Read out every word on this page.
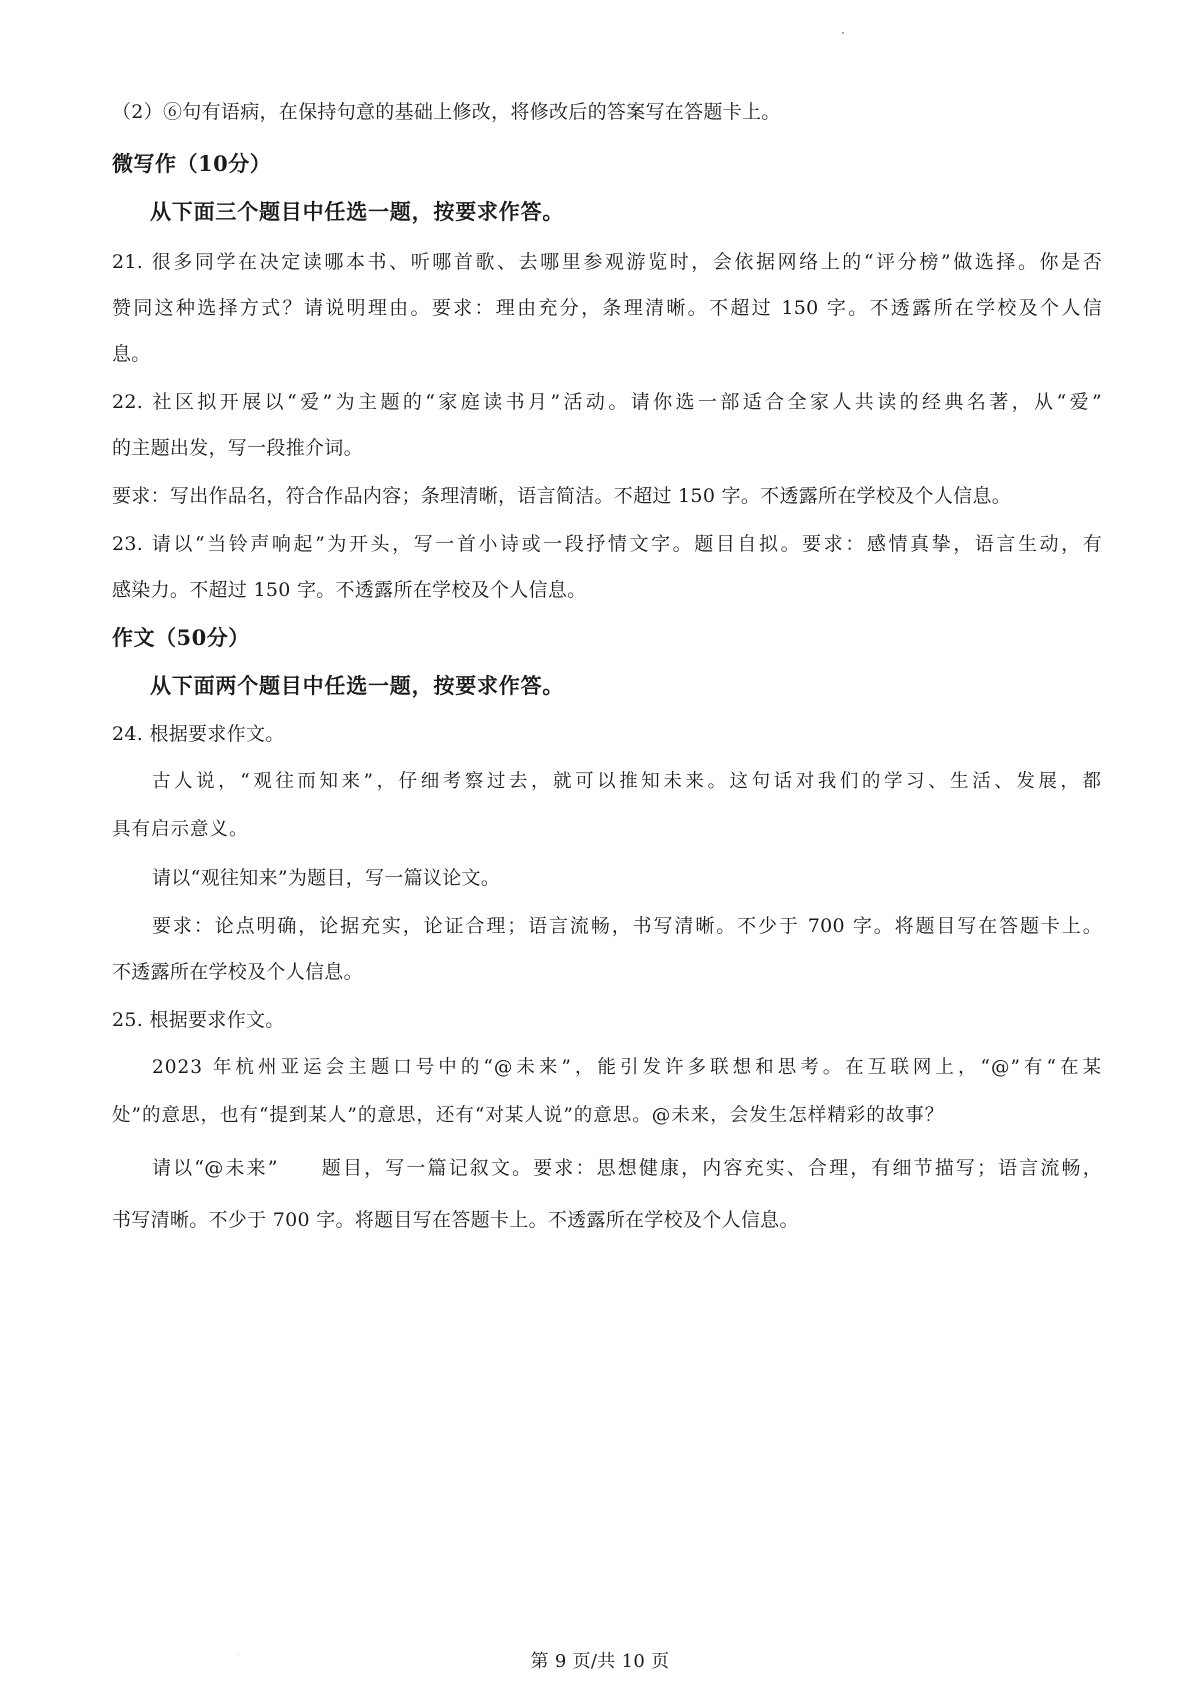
（2）⑥句有语病，在保持句意的基础上修改，将修改后的答案写在答题卡上。
微写作（10分）
从下面三个题目中任选一题，按要求作答。
21. 很多同学在决定读哪本书、听哪首歌、去哪里参观游览时，会依据网络上的“评分榜”做选择。你是否
赞同这种选择方式？请说明理由。要求：理由充分，条理清晰。不超过 150 字。不透露所在学校及个人信
息。
22. 社区拟开展以“爱”为主题的“家庭读书月”活动。请你选一部适合全家人共读的经典名著，从“爱”
的主题出发，写一段推介词。
要求：写出作品名，符合作品内容；条理清晰，语言简洁。不超过 150 字。不透露所在学校及个人信息。
23. 请以“当铃声响起”为开头，写一首小诗或一段抒情文字。题目自拟。要求：感情真挚，语言生动，有
感染力。不超过 150 字。不透露所在学校及个人信息。
作文（50分）
从下面两个题目中任选一题，按要求作答。
24. 根据要求作文。
古人说，“观往而知来”，仔细考察过去，就可以推知未来。这句话对我们的学习、生活、发展，都
具有启示意义。
请以“观往知来”为题目，写一篇议论文。
要求：论点明确，论据充实，论证合理；语言流畅，书写清晰。不少于 700 字。将题目写在答题卡上。
不透露所在学校及个人信息。
25. 根据要求作文。
2023 年杭州亚运会主题口号中的“@未来”，能引发许多联想和思考。在互联网上，“@”有“在某
处”的意思，也有“提到某人”的意思，还有“对某人说”的意思。@未来，会发生怎样精彩的故事？
请以“@未来”　　题目，写一篇记叙文。要求：思想健康，内容充实、合理，有细节描写；语言流畅，
书写清晰。不少于 700 字。将题目写在答题卡上。不透露所在学校及个人信息。
第 9 页/共 10 页
